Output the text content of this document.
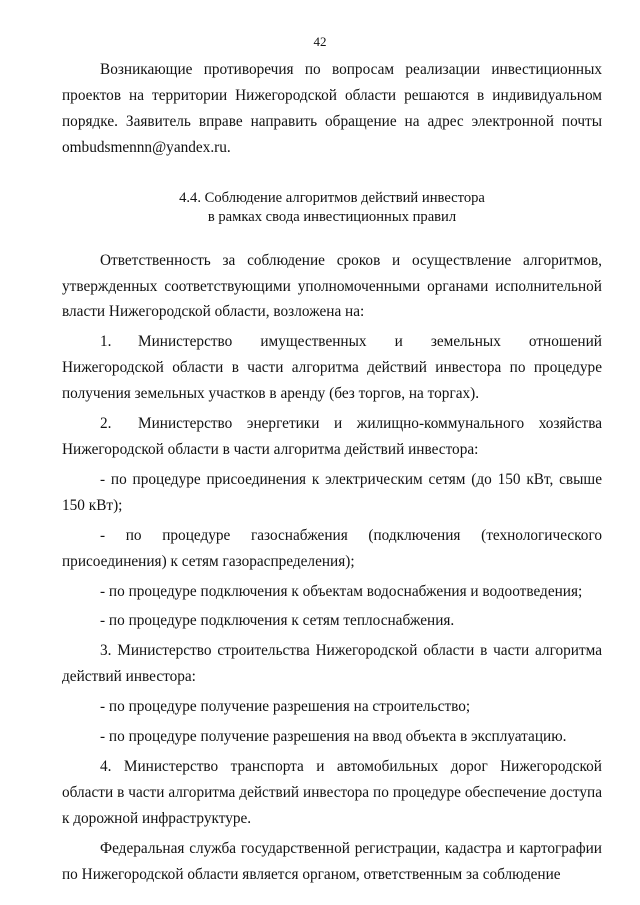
42

Возникающие противоречия по вопросам реализации инвестиционных проектов на территории Нижегородской области решаются в индивидуальном порядке. Заявитель вправе направить обращение на адрес электронной почты ombudsmennn@yandex.ru.

4.4. Соблюдение алгоритмов действий инвестора
в рамках свода инвестиционных правил

Ответственность за соблюдение сроков и осуществление алгоритмов, утвержденных соответствующими уполномоченными органами исполнительной власти Нижегородской области, возложена на:

1. Министерство имущественных и земельных отношений Нижегородской области в части алгоритма действий инвестора по процедуре получения земельных участков в аренду (без торгов, на торгах).

2. Министерство энергетики и жилищно-коммунального хозяйства Нижегородской области в части алгоритма действий инвестора:

- по процедуре присоединения к электрическим сетям (до 150 кВт, свыше 150 кВт);

- по процедуре газоснабжения (подключения (технологического присоединения) к сетям газораспределения);

- по процедуре подключения к объектам водоснабжения и водоотведения;

- по процедуре подключения к сетям теплоснабжения.

3. Министерство строительства Нижегородской области в части алгоритма действий инвестора:

- по процедуре получение разрешения на строительство;

- по процедуре получение разрешения на ввод объекта в эксплуатацию.

4. Министерство транспорта и автомобильных дорог Нижегородской области в части алгоритма действий инвестора по процедуре обеспечение доступа к дорожной инфраструктуре.

Федеральная служба государственной регистрации, кадастра и картографии по Нижегородской области является органом, ответственным за соблюдение
